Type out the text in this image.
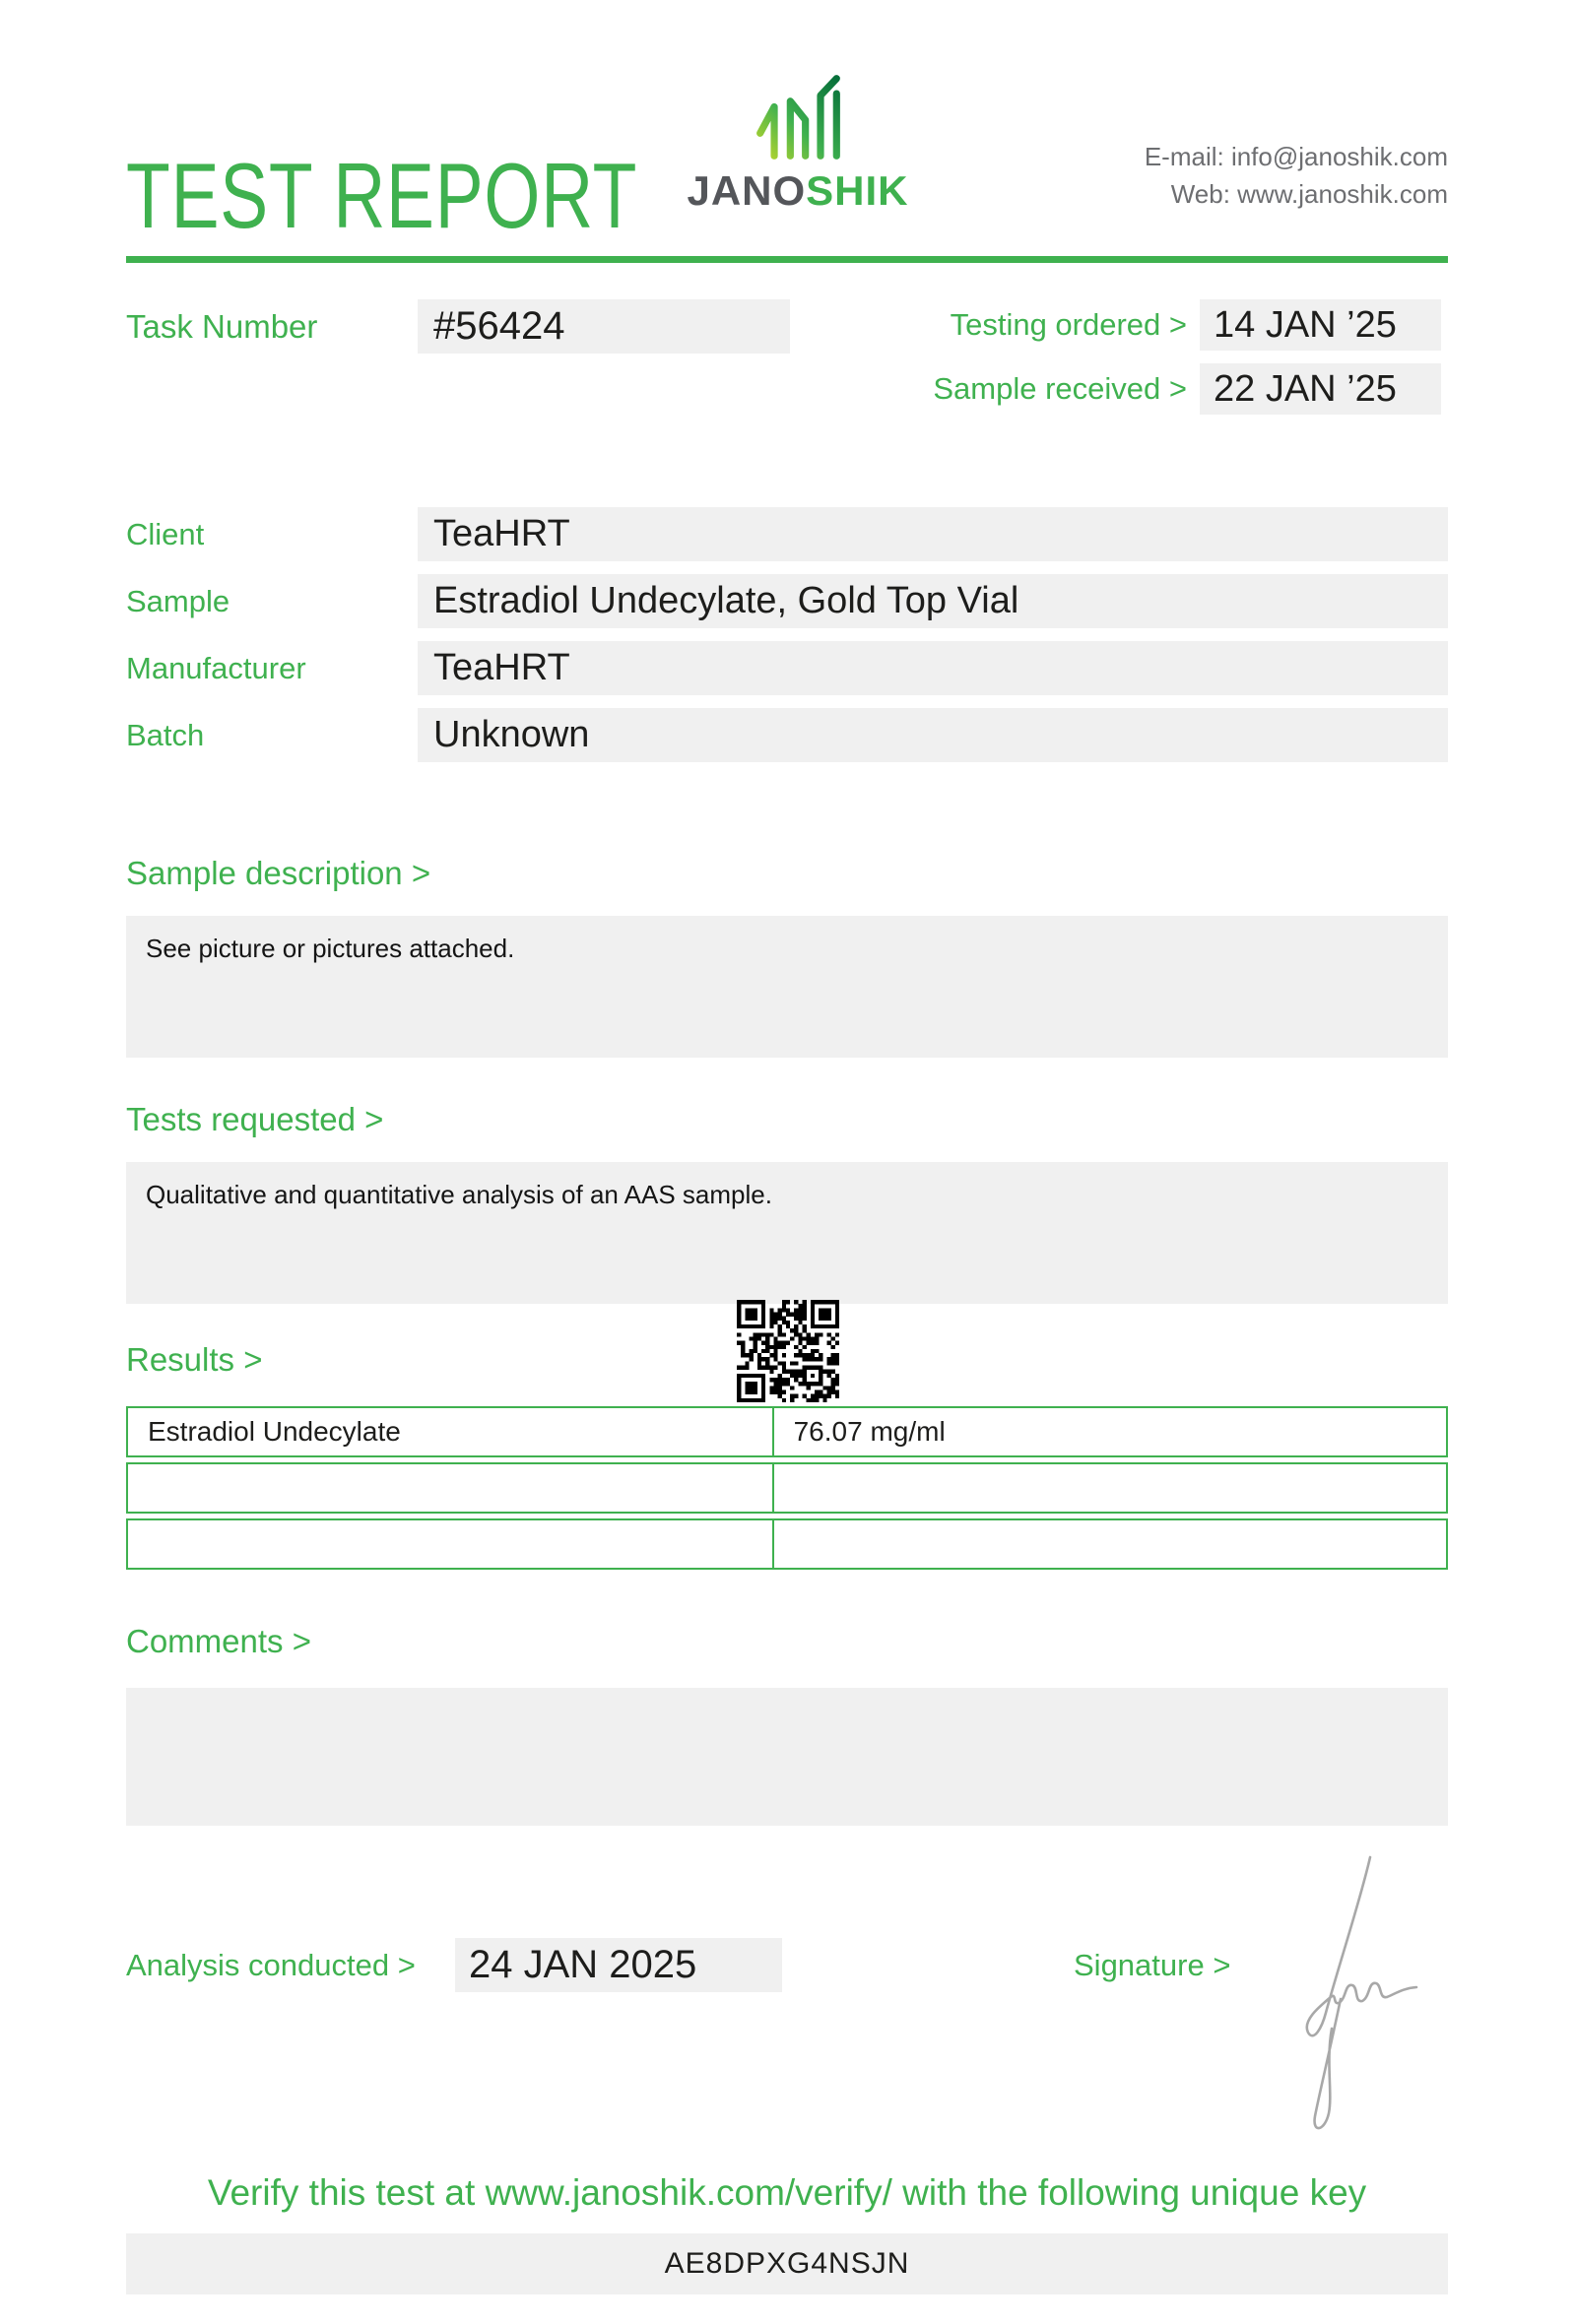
TEST REPORT JANOSHIK
E-mail: info@janoshik.com
Web: www.janoshik.com
Task Number	#56424	Testing ordered > 14 JAN ’25
Sample received > 22 JAN ’25
Client	TeaHRT
Sample	Estradiol Undecylate, Gold Top Vial
Manufacturer	TeaHRT
Batch	Unknown
Sample description >
See picture or pictures attached.
Tests requested >
Qualitative and quantitative analysis of an AAS sample.
Results >
Estradiol Undecylate	76.07 mg/ml
Comments >
Analysis conducted >	24 JAN 2025	Signature >
Verify this test at www.janoshik.com/verify/ with the following unique key
AE8DPXG4NSJN
